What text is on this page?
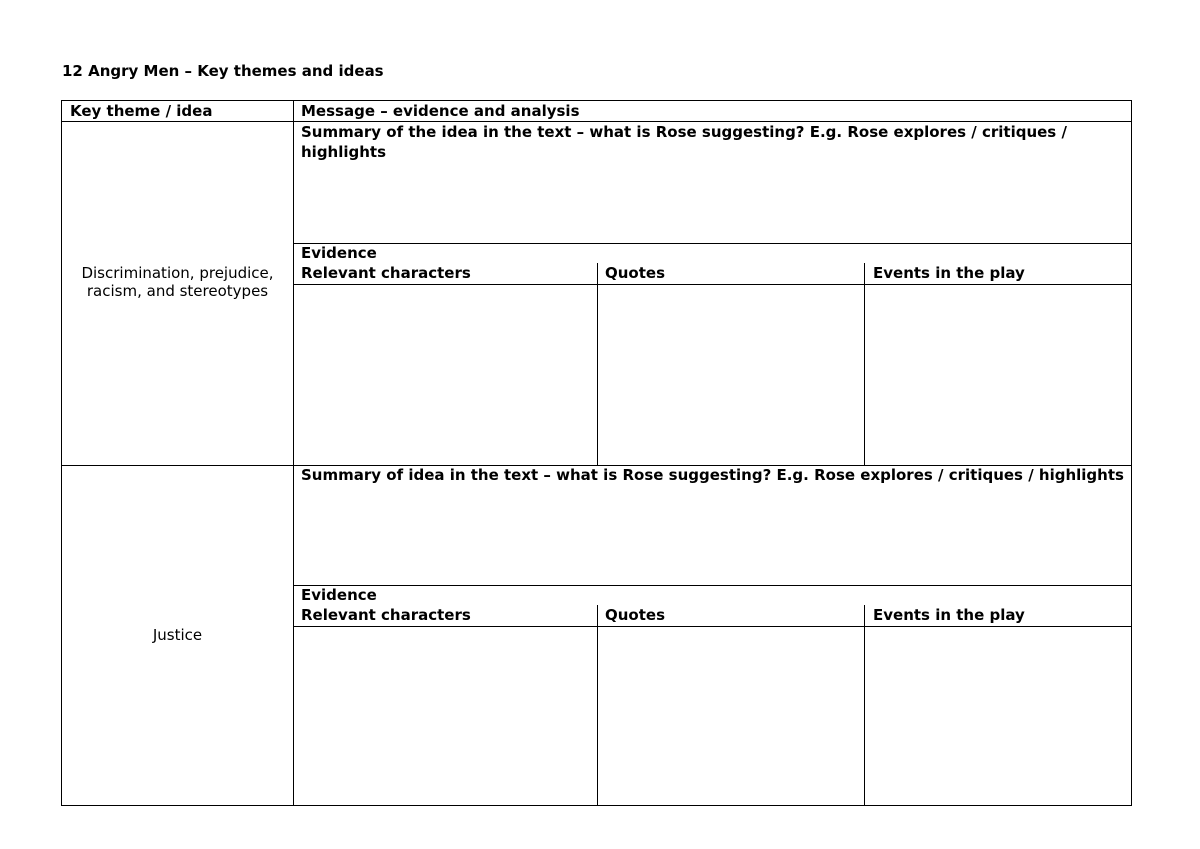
12 Angry Men – Key themes and ideas
Key theme / idea	Message – evidence and analysis
Discrimination, prejudice, racism, and stereotypes
Summary of the idea in the text – what is Rose suggesting? E.g. Rose explores / critiques / highlights
Evidence
Relevant characters	Quotes	Events in the play
Justice
Summary of idea in the text – what is Rose suggesting? E.g. Rose explores / critiques / highlights
Evidence
Relevant characters	Quotes	Events in the play
